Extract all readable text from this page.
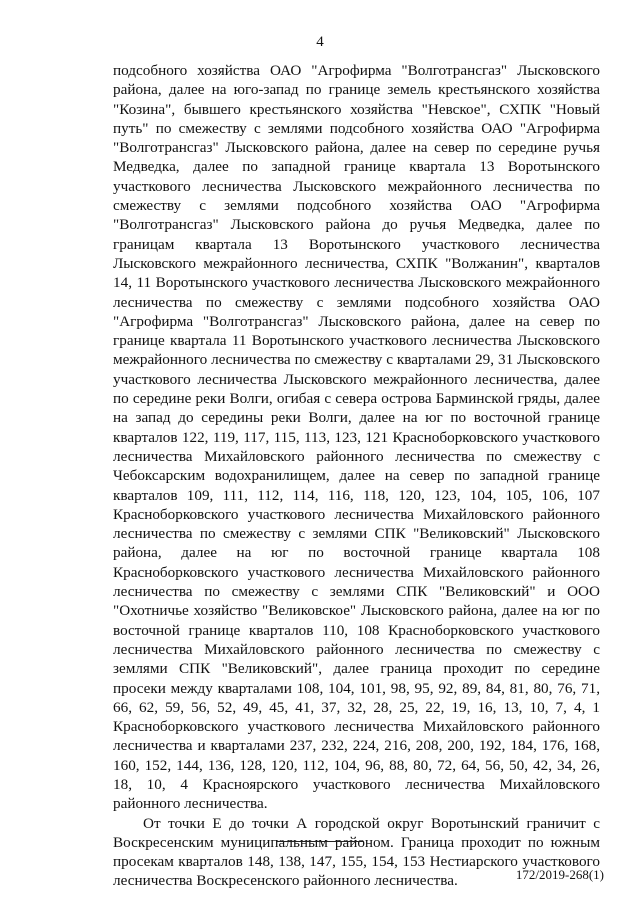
4

подсобного хозяйства ОАО "Агрофирма "Волготрансгаз" Лысковского района, далее на юго-запад по границе земель крестьянского хозяйства "Козина", бывшего крестьянского хозяйства "Невское", СХПК "Новый путь" по смежеству с землями подсобного хозяйства ОАО "Агрофирма "Волготрансгаз" Лысковского района, далее на север по середине ручья Медведка, далее по западной границе квартала 13 Воротынского участкового лесничества Лысковского межрайонного лесничества по смежеству с землями подсобного хозяйства ОАО "Агрофирма "Волготрансгаз" Лысковского района до ручья Медведка, далее по границам квартала 13 Воротынского участкового лесничества Лысковского межрайонного лесничества, СХПК "Волжанин", кварталов 14, 11 Воротынского участкового лесничества Лысковского межрайонного лесничества по смежеству с землями подсобного хозяйства ОАО "Агрофирма "Волготрансгаз" Лысковского района, далее на север по границе квартала 11 Воротынского участкового лесничества Лысковского межрайонного лесничества по смежеству с кварталами 29, 31 Лысковского участкового лесничества Лысковского межрайонного лесничества, далее по середине реки Волги, огибая с севера острова Барминской гряды, далее на запад до середины реки Волги, далее на юг по восточной границе кварталов 122, 119, 117, 115, 113, 123, 121 Красноборковского участкового лесничества Михайловского районного лесничества по смежеству с Чебоксарским водохранилищем, далее на север по западной границе кварталов 109, 111, 112, 114, 116, 118, 120, 123, 104, 105, 106, 107 Красноборковского участкового лесничества Михайловского районного лесничества по смежеству с землями СПК "Великовский" Лысковского района, далее на юг по восточной границе квартала 108 Красноборковского участкового лесничества Михайловского районного лесничества по смежеству с землями СПК "Великовский" и ООО "Охотничье хозяйство "Великовское" Лысковского района, далее на юг по восточной границе кварталов 110, 108 Красноборковского участкового лесничества Михайловского районного лесничества по смежеству с землями СПК "Великовский", далее граница проходит по середине просеки между кварталами 108, 104, 101, 98, 95, 92, 89, 84, 81, 80, 76, 71, 66, 62, 59, 56, 52, 49, 45, 41, 37, 32, 28, 25, 22, 19, 16, 13, 10, 7, 4, 1 Красноборковского участкового лесничества Михайловского районного лесничества и кварталами 237, 232, 224, 216, 208, 200, 192, 184, 176, 168, 160, 152, 144, 136, 128, 120, 112, 104, 96, 88, 80, 72, 64, 56, 50, 42, 34, 26, 18, 10, 4 Красноярского участкового лесничества Михайловского районного лесничества.

От точки Е до точки А городской округ Воротынский граничит с Воскресенским муниципальным районом. Граница проходит по южным просекам кварталов 148, 138, 147, 155, 154, 153 Нестиарского участкового лесничества Воскресенского районного лесничества.	172/2019-268(1)
